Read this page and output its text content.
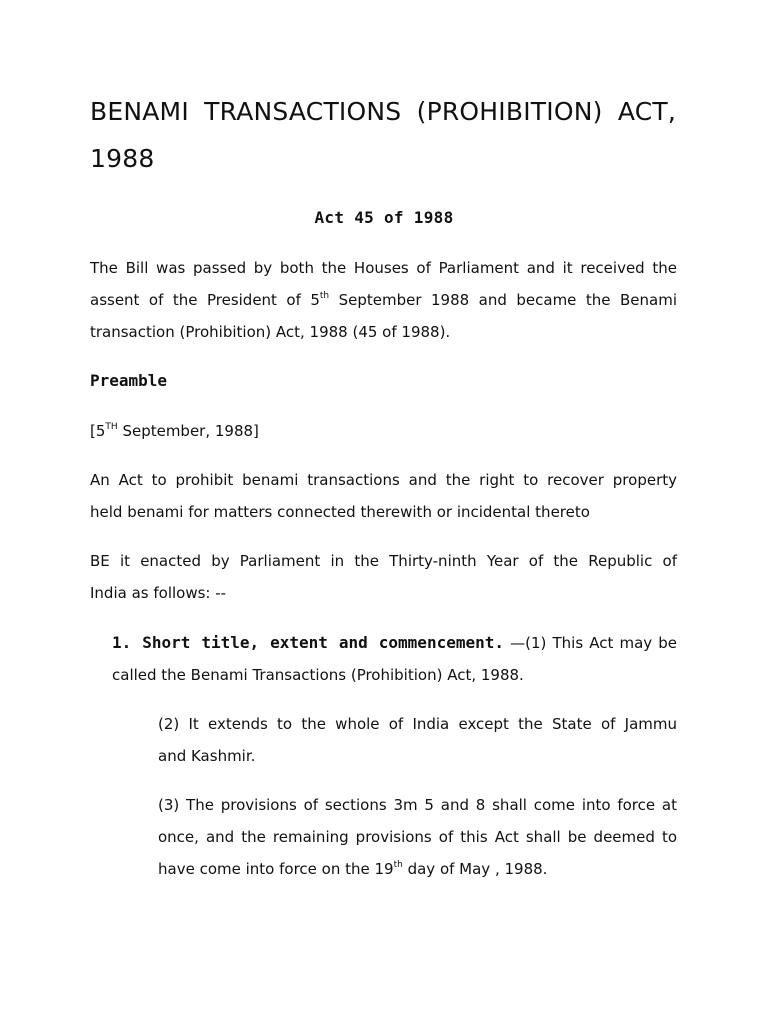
BENAMI TRANSACTIONS (PROHIBITION) ACT,
1988

Act 45 of 1988

The Bill was passed by both the Houses of Parliament and it received the
assent of the President of 5th September 1988 and became the Benami
transaction (Prohibition) Act, 1988 (45 of 1988).

Preamble

[5TH September, 1988]

An Act to prohibit benami transactions and the right to recover property
held benami for matters connected therewith or incidental thereto

BE it enacted by Parliament in the Thirty-ninth Year of the Republic of
India as follows: --

1. Short title, extent and commencement. —(1) This Act may be
called the Benami Transactions (Prohibition) Act, 1988.

(2) It extends to the whole of India except the State of Jammu
and Kashmir.

(3) The provisions of sections 3m 5 and 8 shall come into force at
once, and the remaining provisions of this Act shall be deemed to
have come into force on the 19th day of May , 1988.
